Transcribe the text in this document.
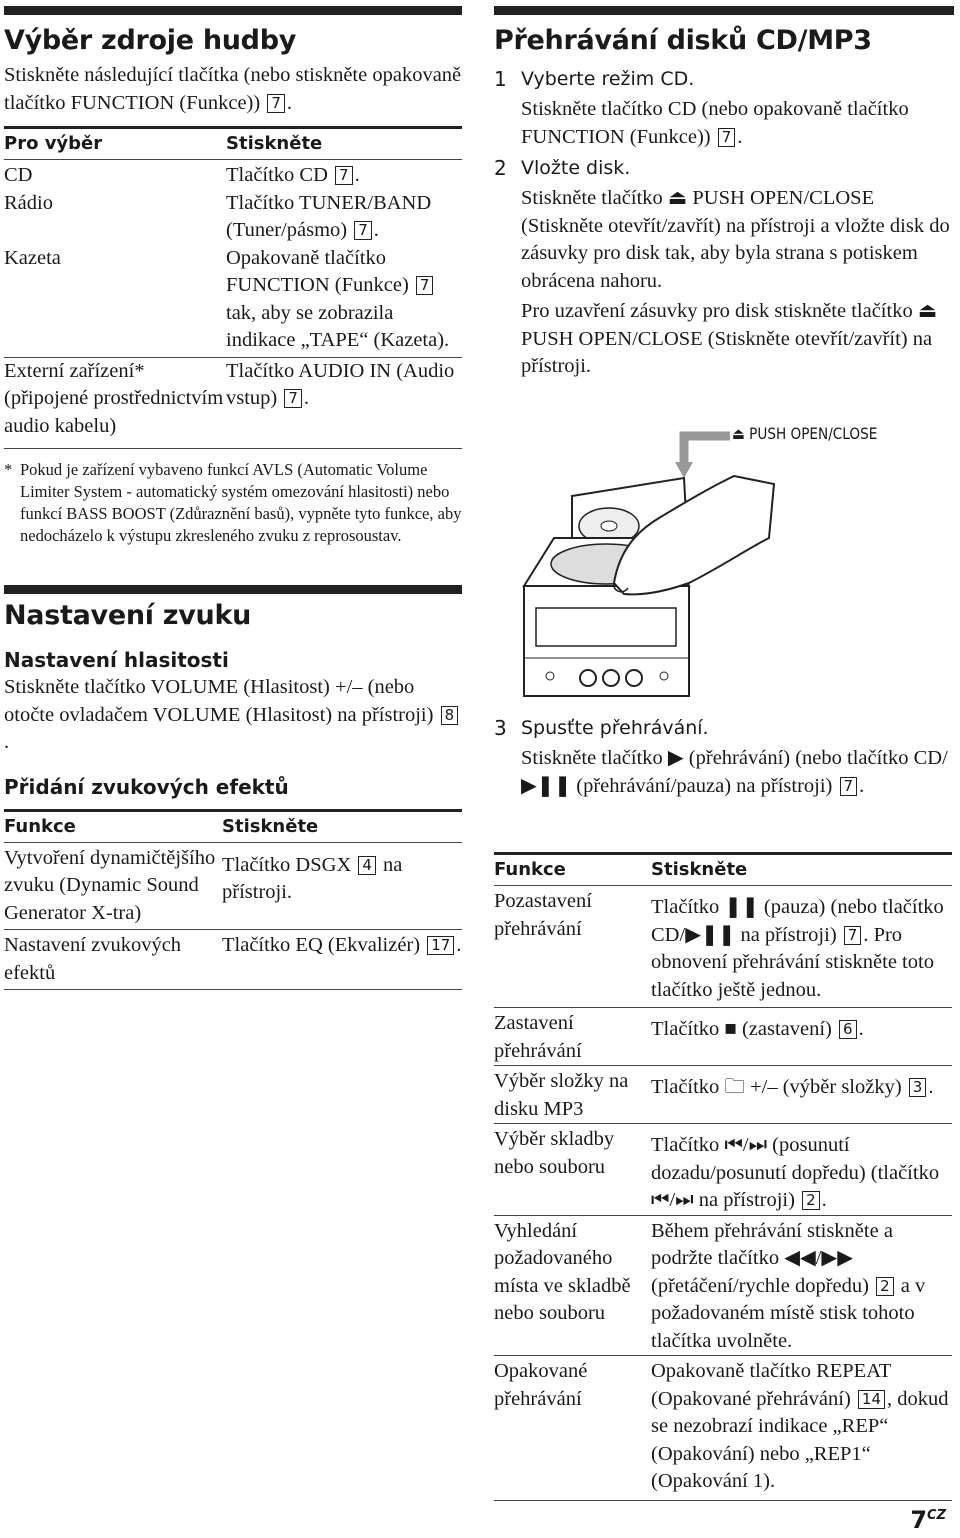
Výběr zdroje hudby
Stiskněte následující tlačítka (nebo stiskněte opakovaně tlačítko FUNCTION (Funkce)) 7 .
Pro výběr	Stiskněte
CD	Tlačítko CD 7 .
Rádio	Tlačítko TUNER/BAND (Tuner/pásmo) 7 .
Kazeta	Opakovaně tlačítko FUNCTION (Funkce) 7 tak, aby se zobrazila indikace „TAPE“ (Kazeta).
Externí zařízení* (připojené prostřednictvím audio kabelu)	Tlačítko AUDIO IN (Audio vstup) 7 .
* Pokud je zařízení vybaveno funkcí AVLS (Automatic Volume Limiter System - automatický systém omezování hlasitosti) nebo funkcí BASS BOOST (Zdůraznění basů), vypněte tyto funkce, aby nedocházelo k výstupu zkresleného zvuku z reprosoustav.
Nastavení zvuku
Nastavení hlasitosti
Stiskněte tlačítko VOLUME (Hlasitost) +/– (nebo otočte ovladačem VOLUME (Hlasitost) na přístroji) 8.
Přidání zvukových efektů
Funkce	Stiskněte
Vytvoření dynamičtějšího zvuku (Dynamic Sound Generator X-tra)	Tlačítko DSGX 4 na přístroji.
Nastavení zvukových efektů	Tlačítko EQ (Ekvalizér) 17 .
Přehrávání disků CD/MP3
1 Vyberte režim CD.
Stiskněte tlačítko CD (nebo opakovaně tlačítko FUNCTION (Funkce)) 7 .
2 Vložte disk.
Stiskněte tlačítko ⏏ PUSH OPEN/CLOSE (Stiskněte otevřít/zavřít) na přístroji a vložte disk do zásuvky pro disk tak, aby byla strana s potiskem obrácena nahoru.
Pro uzavření zásuvky pro disk stiskněte tlačítko ⏏ PUSH OPEN/CLOSE (Stiskněte otevřít/zavřít) na přístroji.
⏏ PUSH OPEN/CLOSE
3 Spusťte přehrávání.
Stiskněte tlačítko ▶ (přehrávání) (nebo tlačítko CD/▶❚❚ (přehrávání/pauza) na přístroji) 7 .
Funkce	Stiskněte
Pozastavení přehrávání	Tlačítko ❚❚ (pauza) (nebo tlačítko CD/▶❚❚ na přístroji) 7 . Pro obnovení přehrávání stiskněte toto tlačítko ještě jednou.
Zastavení přehrávání	Tlačítko ■ (zastavení) 6 .
Výběr složky na disku MP3	Tlačítko 🗀 +/– (výběr složky) 3 .
Výběr skladby nebo souboru	Tlačítko ⏮/⏭ (posunutí dozadu/posunutí dopředu) (tlačítko ⏮/⏭ na přístroji) 2 .
Vyhledání požadovaného místa ve skladbě nebo souboru	Během přehrávání stiskněte a podržte tlačítko ◀◀/▶▶ (přetáčení/rychle dopředu) 2 a v požadovaném místě stisk tohoto tlačítka uvolněte.
Opakované přehrávání	Opakovaně tlačítko REPEAT (Opakované přehrávání) 14 , dokud se nezobrazí indikace „REP“ (Opakování) nebo „REP1“ (Opakování 1).

$7^{CZ}$
